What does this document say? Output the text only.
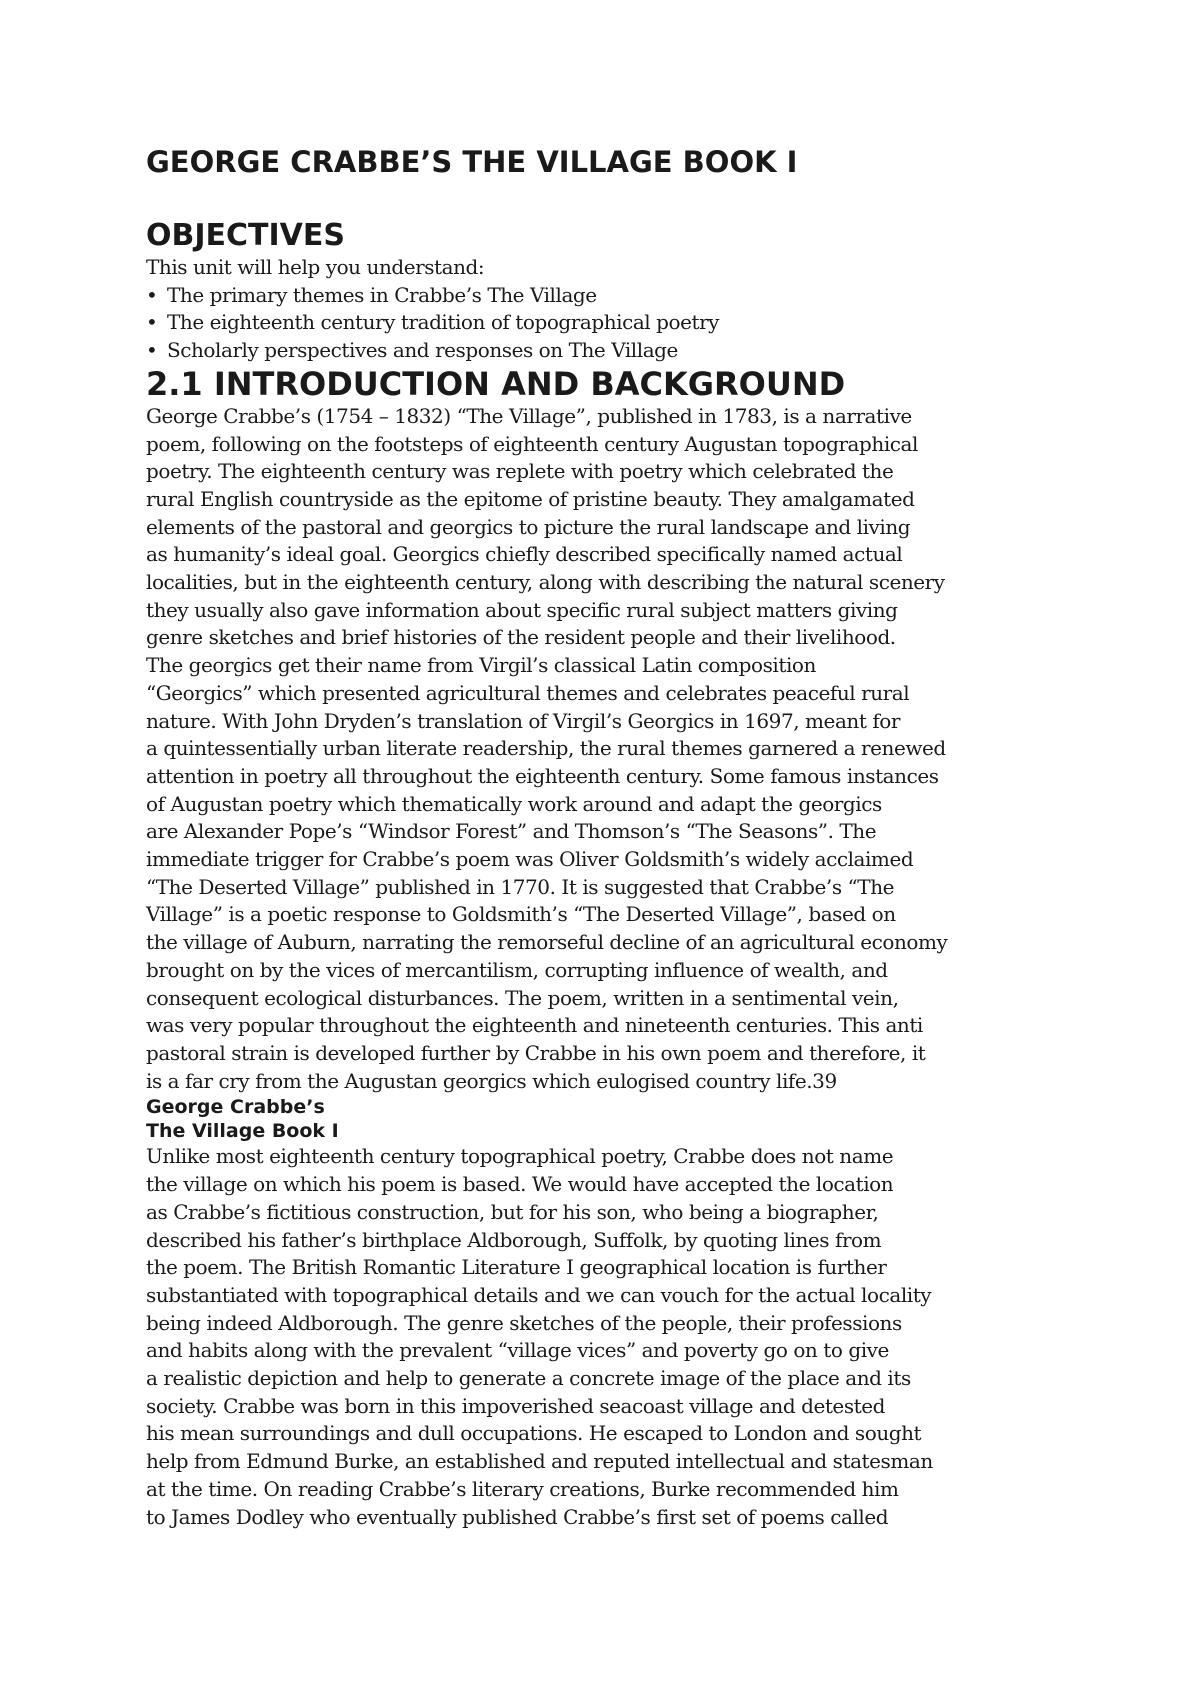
GEORGE CRABBE’S THE VILLAGE BOOK I
OBJECTIVES

This unit will help you understand:

• The primary themes in Crabbe’s The Village
• The eighteenth century tradition of topographical poetry
• Scholarly perspectives and responses on The Village
2.1 INTRODUCTION AND BACKGROUND
George Crabbe’s (1754 – 1832) “The Village”, published in 1783, is a narrative
poem, following on the footsteps of eighteenth century Augustan topographical
poetry. The eighteenth century was replete with poetry which celebrated the
rural English countryside as the epitome of pristine beauty. They amalgamated
elements of the pastoral and georgics to picture the rural landscape and living
as humanity’s ideal goal. Georgics chiefly described specifically named actual
localities, but in the eighteenth century, along with describing the natural scenery
they usually also gave information about specific rural subject matters giving
genre sketches and brief histories of the resident people and their livelihood.
The georgics get their name from Virgil’s classical Latin composition
“Georgics” which presented agricultural themes and celebrates peaceful rural
nature. With John Dryden’s translation of Virgil’s Georgics in 1697, meant for
a quintessentially urban literate readership, the rural themes garnered a renewed
attention in poetry all throughout the eighteenth century. Some famous instances
of Augustan poetry which thematically work around and adapt the georgics
are Alexander Pope’s “Windsor Forest” and Thomson’s “The Seasons”. The
immediate trigger for Crabbe’s poem was Oliver Goldsmith’s widely acclaimed
“The Deserted Village” published in 1770. It is suggested that Crabbe’s “The
Village” is a poetic response to Goldsmith’s “The Deserted Village”, based on
the village of Auburn, narrating the remorseful decline of an agricultural economy
brought on by the vices of mercantilism, corrupting influence of wealth, and
consequent ecological disturbances. The poem, written in a sentimental vein,
was very popular throughout the eighteenth and nineteenth centuries. This anti
pastoral strain is developed further by Crabbe in his own poem and therefore, it
is a far cry from the Augustan georgics which eulogised country life.39

George Crabbe’s

The Village Book I

Unlike most eighteenth century topographical poetry, Crabbe does not name
the village on which his poem is based. We would have accepted the location
as Crabbe’s fictitious construction, but for his son, who being a biographer,
described his father’s birthplace Aldborough, Suffolk, by quoting lines from
the poem. The British Romantic Literature I geographical location is further
substantiated with topographical details and we can vouch for the actual locality
being indeed Aldborough. The genre sketches of the people, their professions
and habits along with the prevalent “village vices” and poverty go on to give
a realistic depiction and help to generate a concrete image of the place and its
society. Crabbe was born in this impoverished seacoast village and detested
his mean surroundings and dull occupations. He escaped to London and sought
help from Edmund Burke, an established and reputed intellectual and statesman
at the time. On reading Crabbe’s literary creations, Burke recommended him
to James Dodley who eventually published Crabbe’s first set of poems called
